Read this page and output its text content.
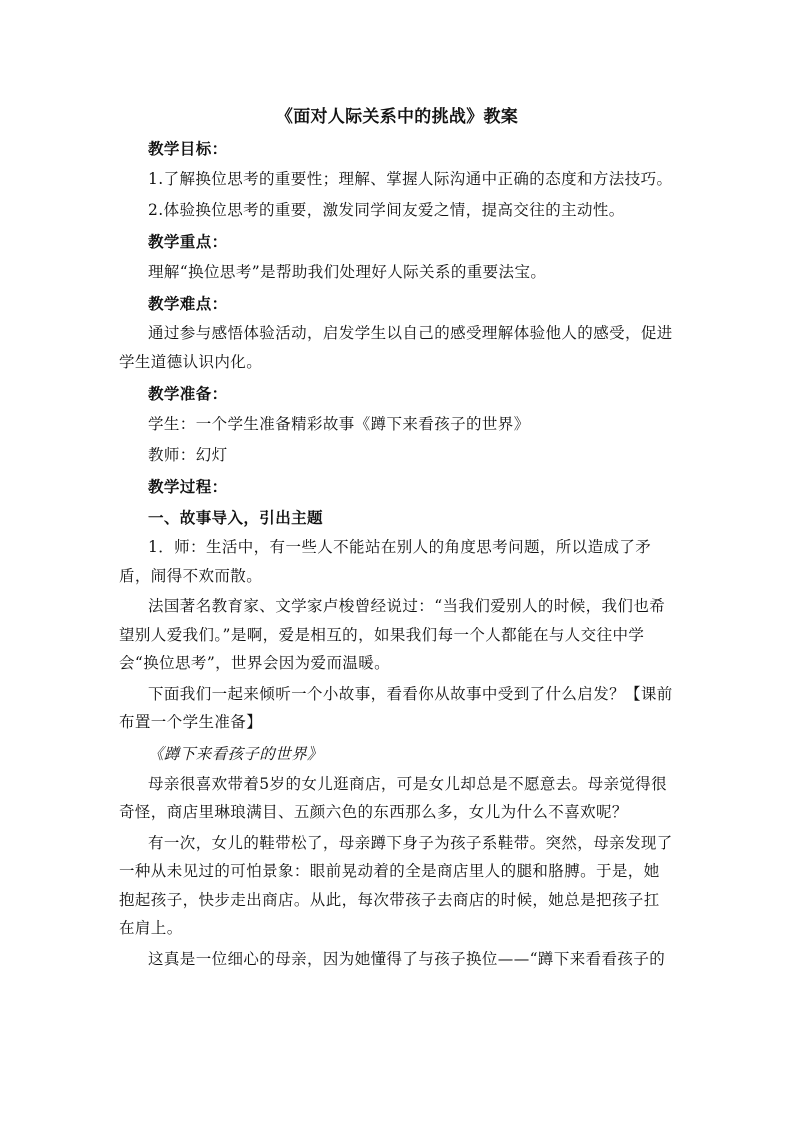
《面对人际关系中的挑战》教案

教学目标：

1.了解换位思考的重要性；理解、掌握人际沟通中正确的态度和方法技巧。

2.体验换位思考的重要，激发同学间友爱之情，提高交往的主动性。

教学重点：

理解“换位思考”是帮助我们处理好人际关系的重要法宝。

教学难点：

通过参与感悟体验活动，启发学生以自己的感受理解体验他人的感受，促进学生道德认识内化。

教学准备：

学生：一个学生准备精彩故事《蹲下来看孩子的世界》

教师：幻灯

教学过程：

一、故事导入，引出主题

1．师：生活中，有一些人不能站在别人的角度思考问题，所以造成了矛盾，闹得不欢而散。

法国著名教育家、文学家卢梭曾经说过：“当我们爱别人的时候，我们也希望别人爱我们。”是啊，爱是相互的，如果我们每一个人都能在与人交往中学会“换位思考”，世界会因为爱而温暖。

下面我们一起来倾听一个小故事，看看你从故事中受到了什么启发？【课前布置一个学生准备】

《蹲下来看孩子的世界》

母亲很喜欢带着5岁的女儿逛商店，可是女儿却总是不愿意去。母亲觉得很奇怪，商店里琳琅满目、五颜六色的东西那么多，女儿为什么不喜欢呢？

有一次，女儿的鞋带松了，母亲蹲下身子为孩子系鞋带。突然，母亲发现了一种从未见过的可怕景象：眼前晃动着的全是商店里人的腿和胳膊。于是，她抱起孩子，快步走出商店。从此，每次带孩子去商店的时候，她总是把孩子扛在肩上。

这真是一位细心的母亲，因为她懂得了与孩子换位——“蹲下来看看孩子的
